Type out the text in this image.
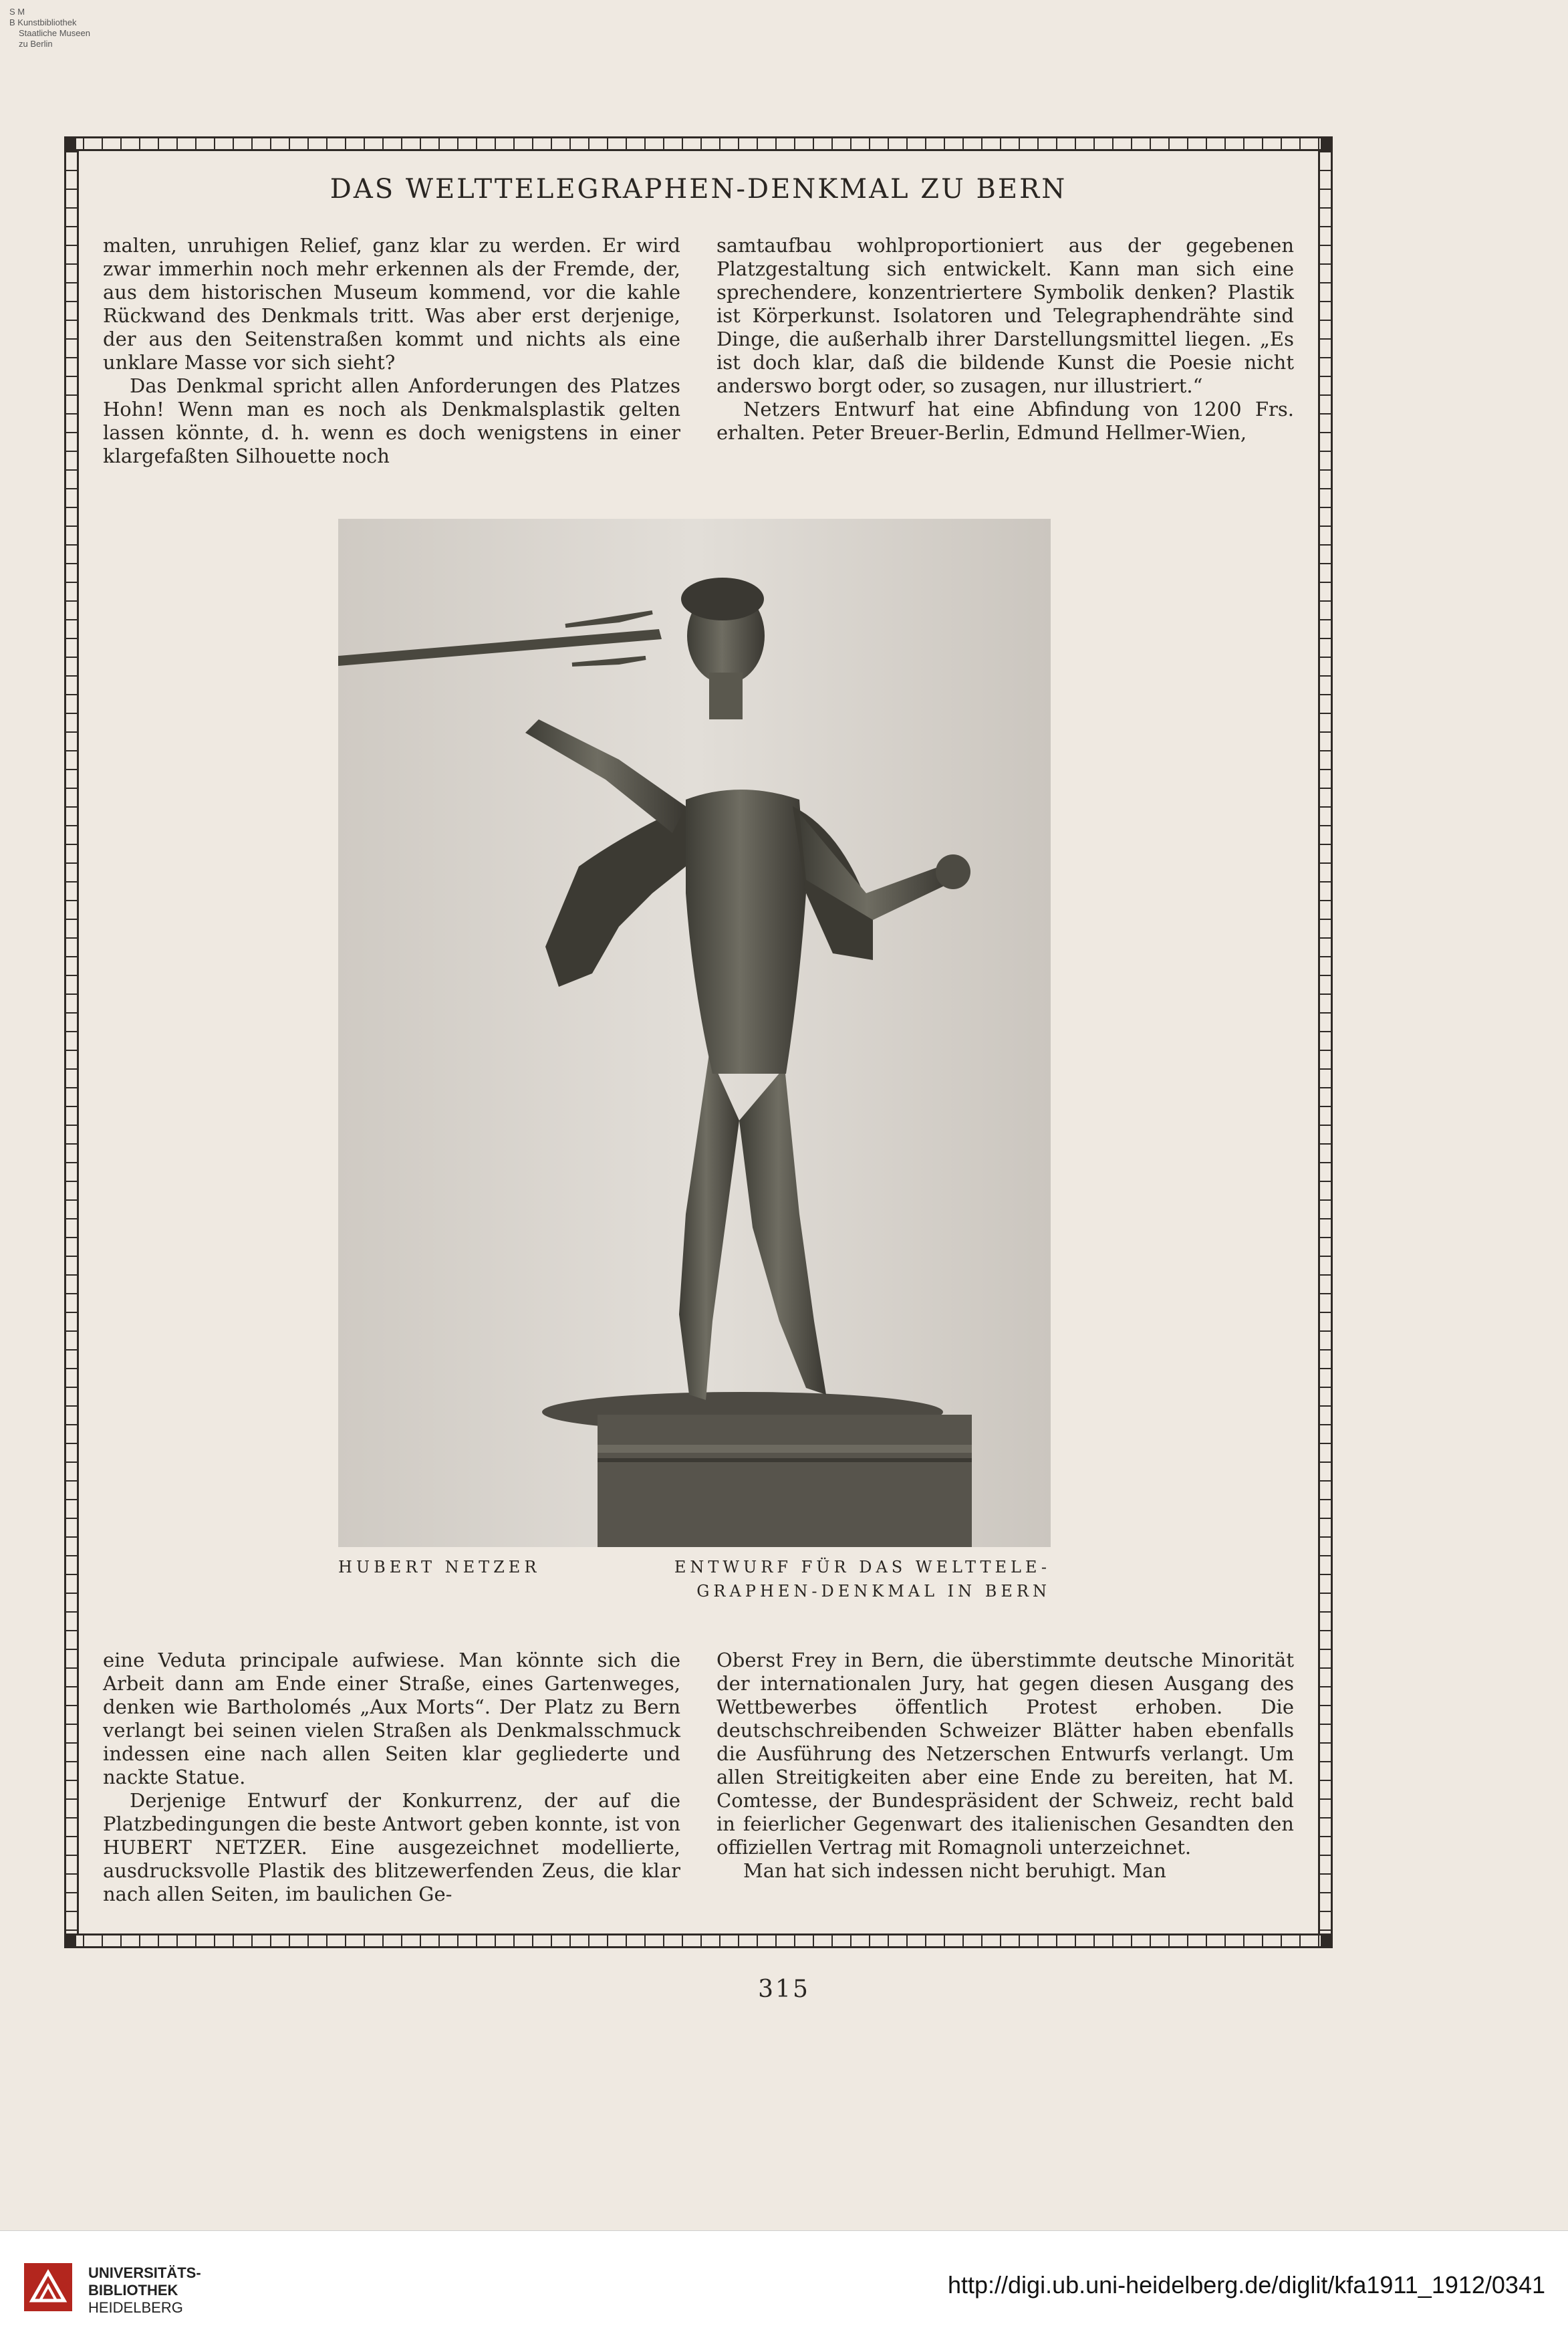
S M
B Kunstbibliothek
Staatliche Museen
zu Berlin
DAS WELTTELEGRAPHEN-DENKMAL ZU BERN

malten, unruhigen Relief, ganz klar zu werden. Er wird zwar immerhin noch mehr erkennen als der Fremde, der, aus dem historischen Museum kommend, vor die kahle Rückwand des Denkmals tritt. Was aber erst derjenige, der aus den Seitenstraßen kommt und nichts als eine unklare Masse vor sich sieht?

Das Denkmal spricht allen Anforderungen des Platzes Hohn! Wenn man es noch als Denkmalsplastik gelten lassen könnte, d. h. wenn es doch wenigstens in einer klargefaßten Silhouette noch

samtaufbau wohlproportioniert aus der gegebenen Platzgestaltung sich entwickelt. Kann man sich eine sprechendere, konzentriertere Symbolik denken? Plastik ist Körperkunst. Isolatoren und Telegraphendrähte sind Dinge, die außerhalb ihrer Darstellungsmittel liegen. „Es ist doch klar, daß die bildende Kunst die Poesie nicht anderswo borgt oder, so zusagen, nur illustriert.“

Netzers Entwurf hat eine Abfindung von 1200 Frs. erhalten. Peter Breuer-Berlin, Edmund Hellmer-Wien,

HUBERT NETZER	ENTWURF FÜR DAS WELTTELE-
GRAPHEN-DENKMAL IN BERN

eine Veduta principale aufwiese. Man könnte sich die Arbeit dann am Ende einer Straße, eines Gartenweges, denken wie Bartholomés „Aux Morts“. Der Platz zu Bern verlangt bei seinen vielen Straßen als Denkmalsschmuck indessen eine nach allen Seiten klar gegliederte und nackte Statue.

Derjenige Entwurf der Konkurrenz, der auf die Platzbedingungen die beste Antwort geben konnte, ist von HUBERT NETZER. Eine ausgezeichnet modellierte, ausdrucksvolle Plastik des blitzewerfenden Zeus, die klar nach allen Seiten, im baulichen Ge-

Oberst Frey in Bern, die überstimmte deutsche Minorität der internationalen Jury, hat gegen diesen Ausgang des Wettbewerbes öffentlich Protest erhoben. Die deutschschreibenden Schweizer Blätter haben ebenfalls die Ausführung des Netzerschen Entwurfs verlangt. Um allen Streitigkeiten aber eine Ende zu bereiten, hat M. Comtesse, der Bundespräsident der Schweiz, recht bald in feierlicher Gegenwart des italienischen Gesandten den offiziellen Vertrag mit Romagnoli unterzeichnet.

Man hat sich indessen nicht beruhigt. Man

315
UNIVERSITÄTS-
BIBLIOTHEK
HEIDELBERG
http://digi.ub.uni-heidelberg.de/diglit/kfa1911_1912/0341
